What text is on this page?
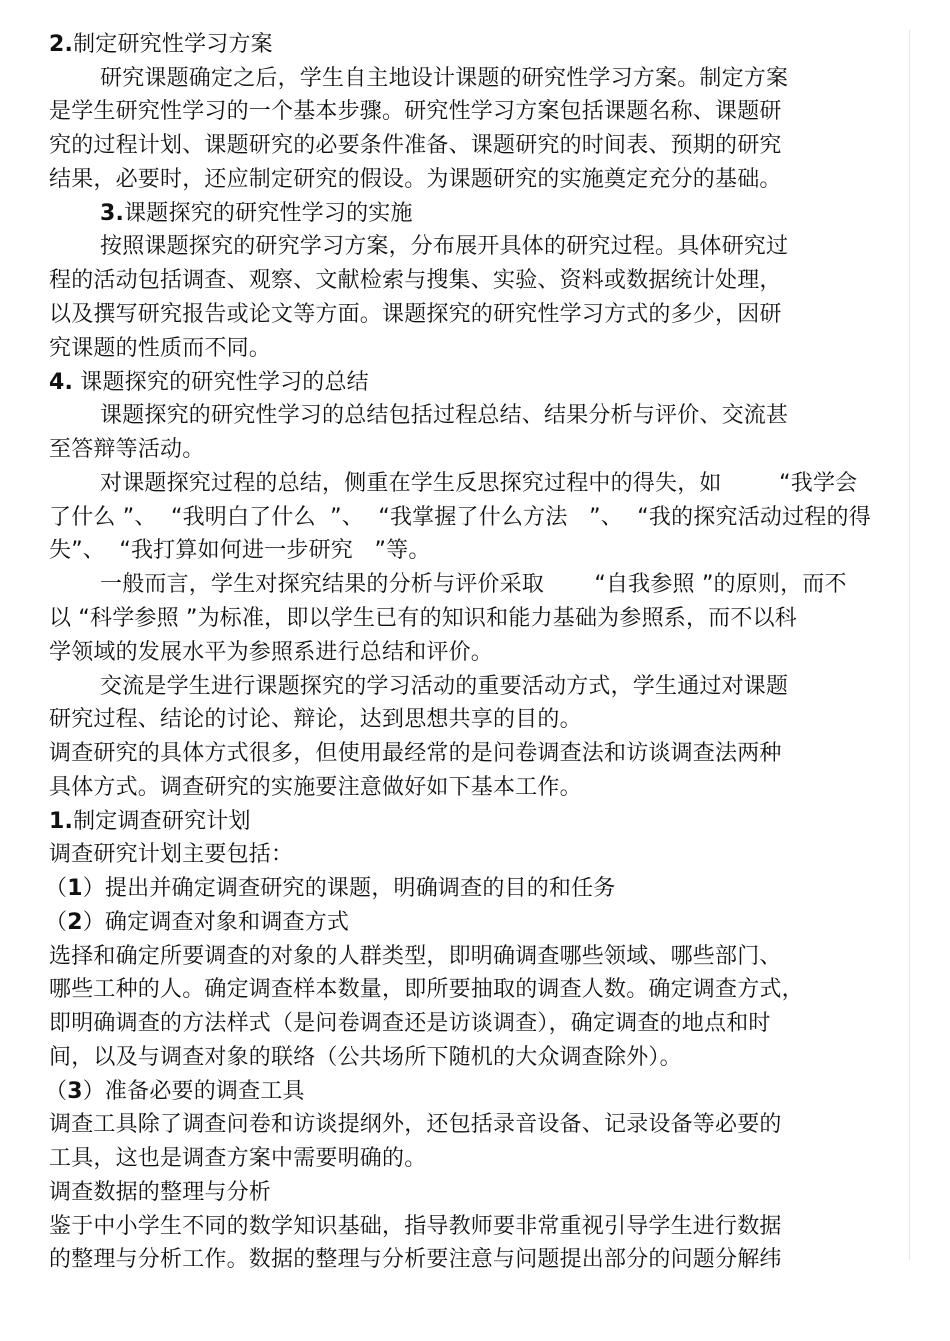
2.制定研究性学习方案
研究课题确定之后，学生自主地设计课题的研究性学习方案。制定方案
是学生研究性学习的一个基本步骤。研究性学习方案包括课题名称、课题研
究的过程计划、课题研究的必要条件准备、课题研究的时间表、预期的研究
结果，必要时，还应制定研究的假设。为课题研究的实施奠定充分的基础。
3.课题探究的研究性学习的实施
按照课题探究的研究学习方案，分布展开具体的研究过程。具体研究过
程的活动包括调查、观察、文献检索与搜集、实验、资料或数据统计处理，
以及撰写研究报告或论文等方面。课题探究的研究性学习方式的多少，因研
究课题的性质而不同。
4. 课题探究的研究性学习的总结
课题探究的研究性学习的总结包括过程总结、结果分析与评价、交流甚
至答辩等活动。
对课题探究过程的总结，侧重在学生反思探究过程中的得失，如        “我学会
了什么 ”、  “我明白了什么  ”、  “我掌握了什么方法   ”、  “我的探究活动过程的得
失”、  “我打算如何进一步研究   ”等。
一般而言，学生对探究结果的分析与评价采取       “自我参照 ”的原则，而不
以 “科学参照 ”为标准，即以学生已有的知识和能力基础为参照系，而不以科
学领域的发展水平为参照系进行总结和评价。
交流是学生进行课题探究的学习活动的重要活动方式，学生通过对课题
研究过程、结论的讨论、辩论，达到思想共享的目的。
调查研究的具体方式很多，但使用最经常的是问卷调查法和访谈调查法两种
具体方式。调查研究的实施要注意做好如下基本工作。
1.制定调查研究计划
调查研究计划主要包括：
（1）提出并确定调查研究的课题，明确调查的目的和任务
（2）确定调查对象和调查方式
选择和确定所要调查的对象的人群类型，即明确调查哪些领域、哪些部门、
哪些工种的人。确定调查样本数量，即所要抽取的调查人数。确定调查方式，
即明确调查的方法样式（是问卷调查还是访谈调查），确定调查的地点和时
间，以及与调查对象的联络（公共场所下随机的大众调查除外）。
（3）准备必要的调查工具
调查工具除了调查问卷和访谈提纲外，还包括录音设备、记录设备等必要的
工具，这也是调查方案中需要明确的。
调查数据的整理与分析
鉴于中小学生不同的数学知识基础，指导教师要非常重视引导学生进行数据
的整理与分析工作。数据的整理与分析要注意与问题提出部分的问题分解纬
